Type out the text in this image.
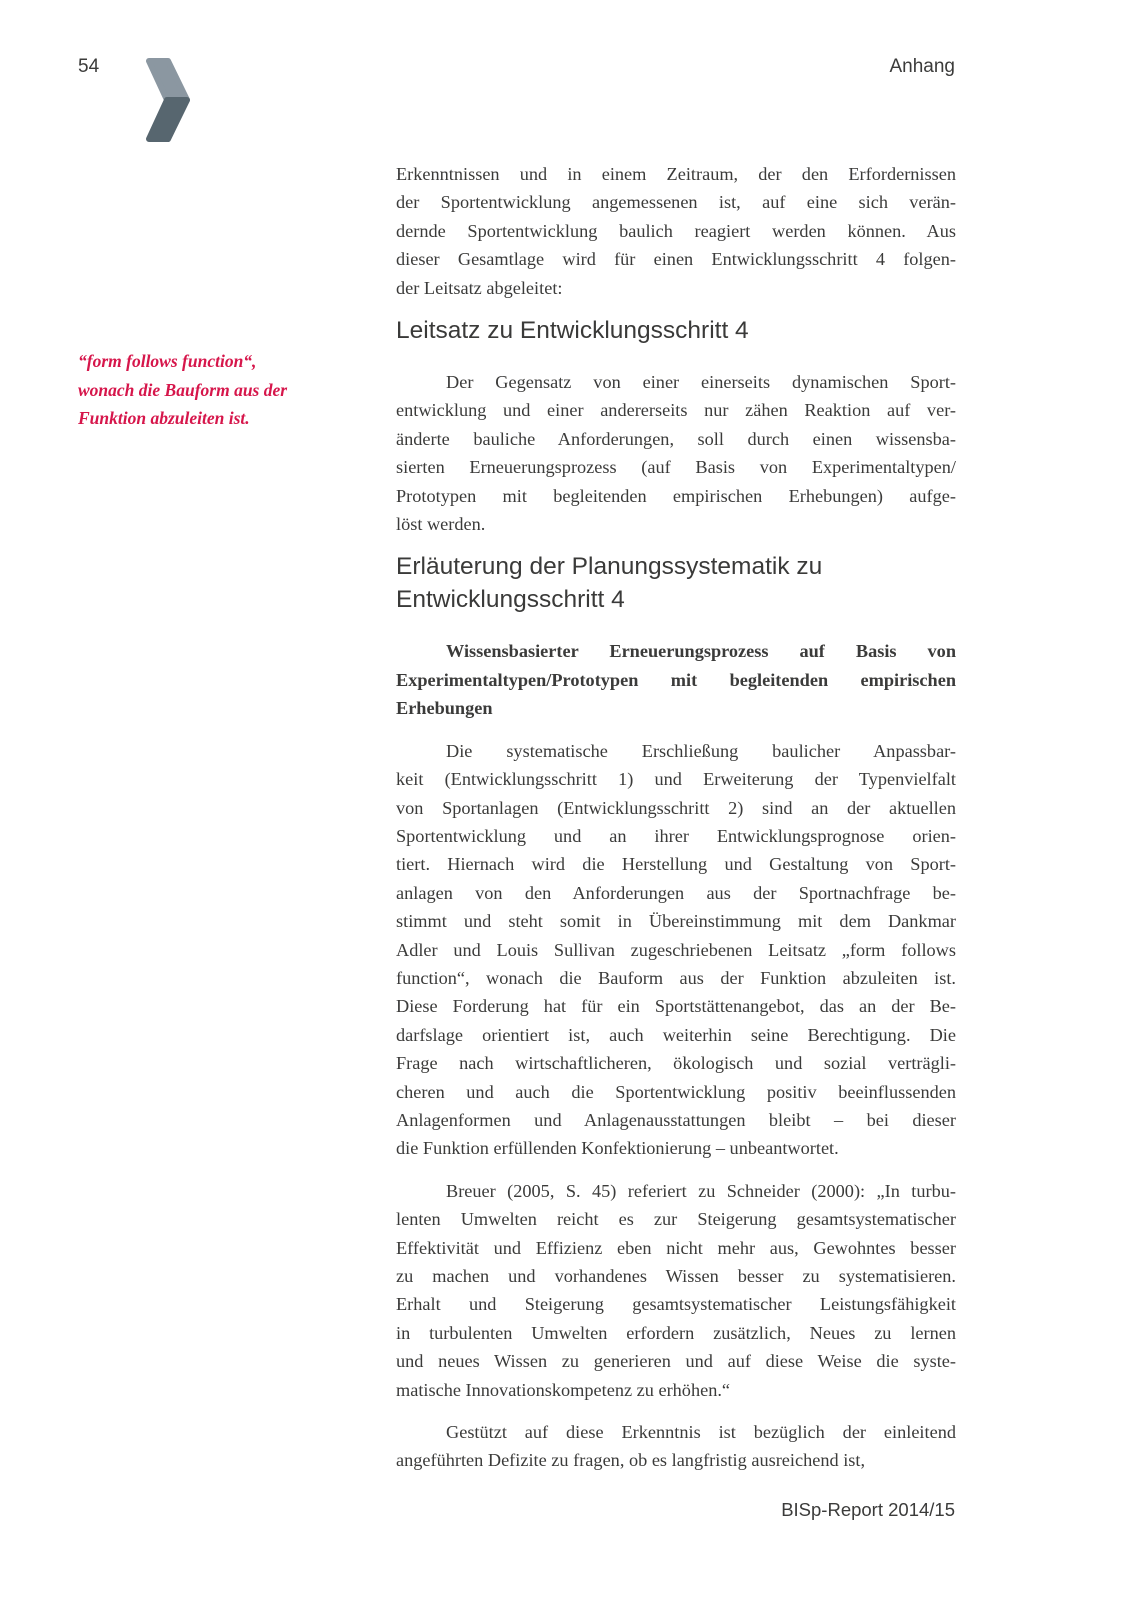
54	Anhang
“form follows function“,
wonach die Bauform aus der
Funktion abzuleiten ist.
Erkenntnissen und in einem Zeitraum, der den Erfordernissen
der Sportentwicklung angemessenen ist, auf eine sich verän-
dernde Sportentwicklung baulich reagiert werden können. Aus
dieser Gesamtlage wird für einen Entwicklungsschritt 4 folgen-
der Leitsatz abgeleitet:
Leitsatz zu Entwicklungsschritt 4
Der Gegensatz von einer einerseits dynamischen Sport-
entwicklung und einer andererseits nur zähen Reaktion auf ver-
änderte bauliche Anforderungen, soll durch einen wissensba-
sierten Erneuerungsprozess (auf Basis von Experimentaltypen/
Prototypen mit begleitenden empirischen Erhebungen) aufge-
löst werden.
Erläuterung der Planungssystematik zu
Entwicklungsschritt 4
Wissensbasierter Erneuerungsprozess auf Basis von
Experimentaltypen/Prototypen mit begleitenden empirischen
Erhebungen
Die systematische Erschließung baulicher Anpassbar-
keit (Entwicklungsschritt 1) und Erweiterung der Typenvielfalt
von Sportanlagen (Entwicklungsschritt 2) sind an der aktuellen
Sportentwicklung und an ihrer Entwicklungsprognose orien-
tiert. Hiernach wird die Herstellung und Gestaltung von Sport-
anlagen von den Anforderungen aus der Sportnachfrage be-
stimmt und steht somit in Übereinstimmung mit dem Dankmar
Adler und Louis Sullivan zugeschriebenen Leitsatz „form follows
function“, wonach die Bauform aus der Funktion abzuleiten ist.
Diese Forderung hat für ein Sportstättenangebot, das an der Be-
darfslage orientiert ist, auch weiterhin seine Berechtigung. Die
Frage nach wirtschaftlicheren, ökologisch und sozial verträgli-
cheren und auch die Sportentwicklung positiv beeinflussenden
Anlagenformen und Anlagenausstattungen bleibt – bei dieser
die Funktion erfüllenden Konfektionierung – unbeantwortet.
Breuer (2005, S. 45) referiert zu Schneider (2000): „In turbu-
lenten Umwelten reicht es zur Steigerung gesamtsystematischer
Effektivität und Effizienz eben nicht mehr aus, Gewohntes besser
zu machen und vorhandenes Wissen besser zu systematisieren.
Erhalt und Steigerung gesamtsystematischer Leistungsfähigkeit
in turbulenten Umwelten erfordern zusätzlich, Neues zu lernen
und neues Wissen zu generieren und auf diese Weise die syste-
matische Innovationskompetenz zu erhöhen.“
Gestützt auf diese Erkenntnis ist bezüglich der einleitend
angeführten Defizite zu fragen, ob es langfristig ausreichend ist,
BISp-Report 2014/15
